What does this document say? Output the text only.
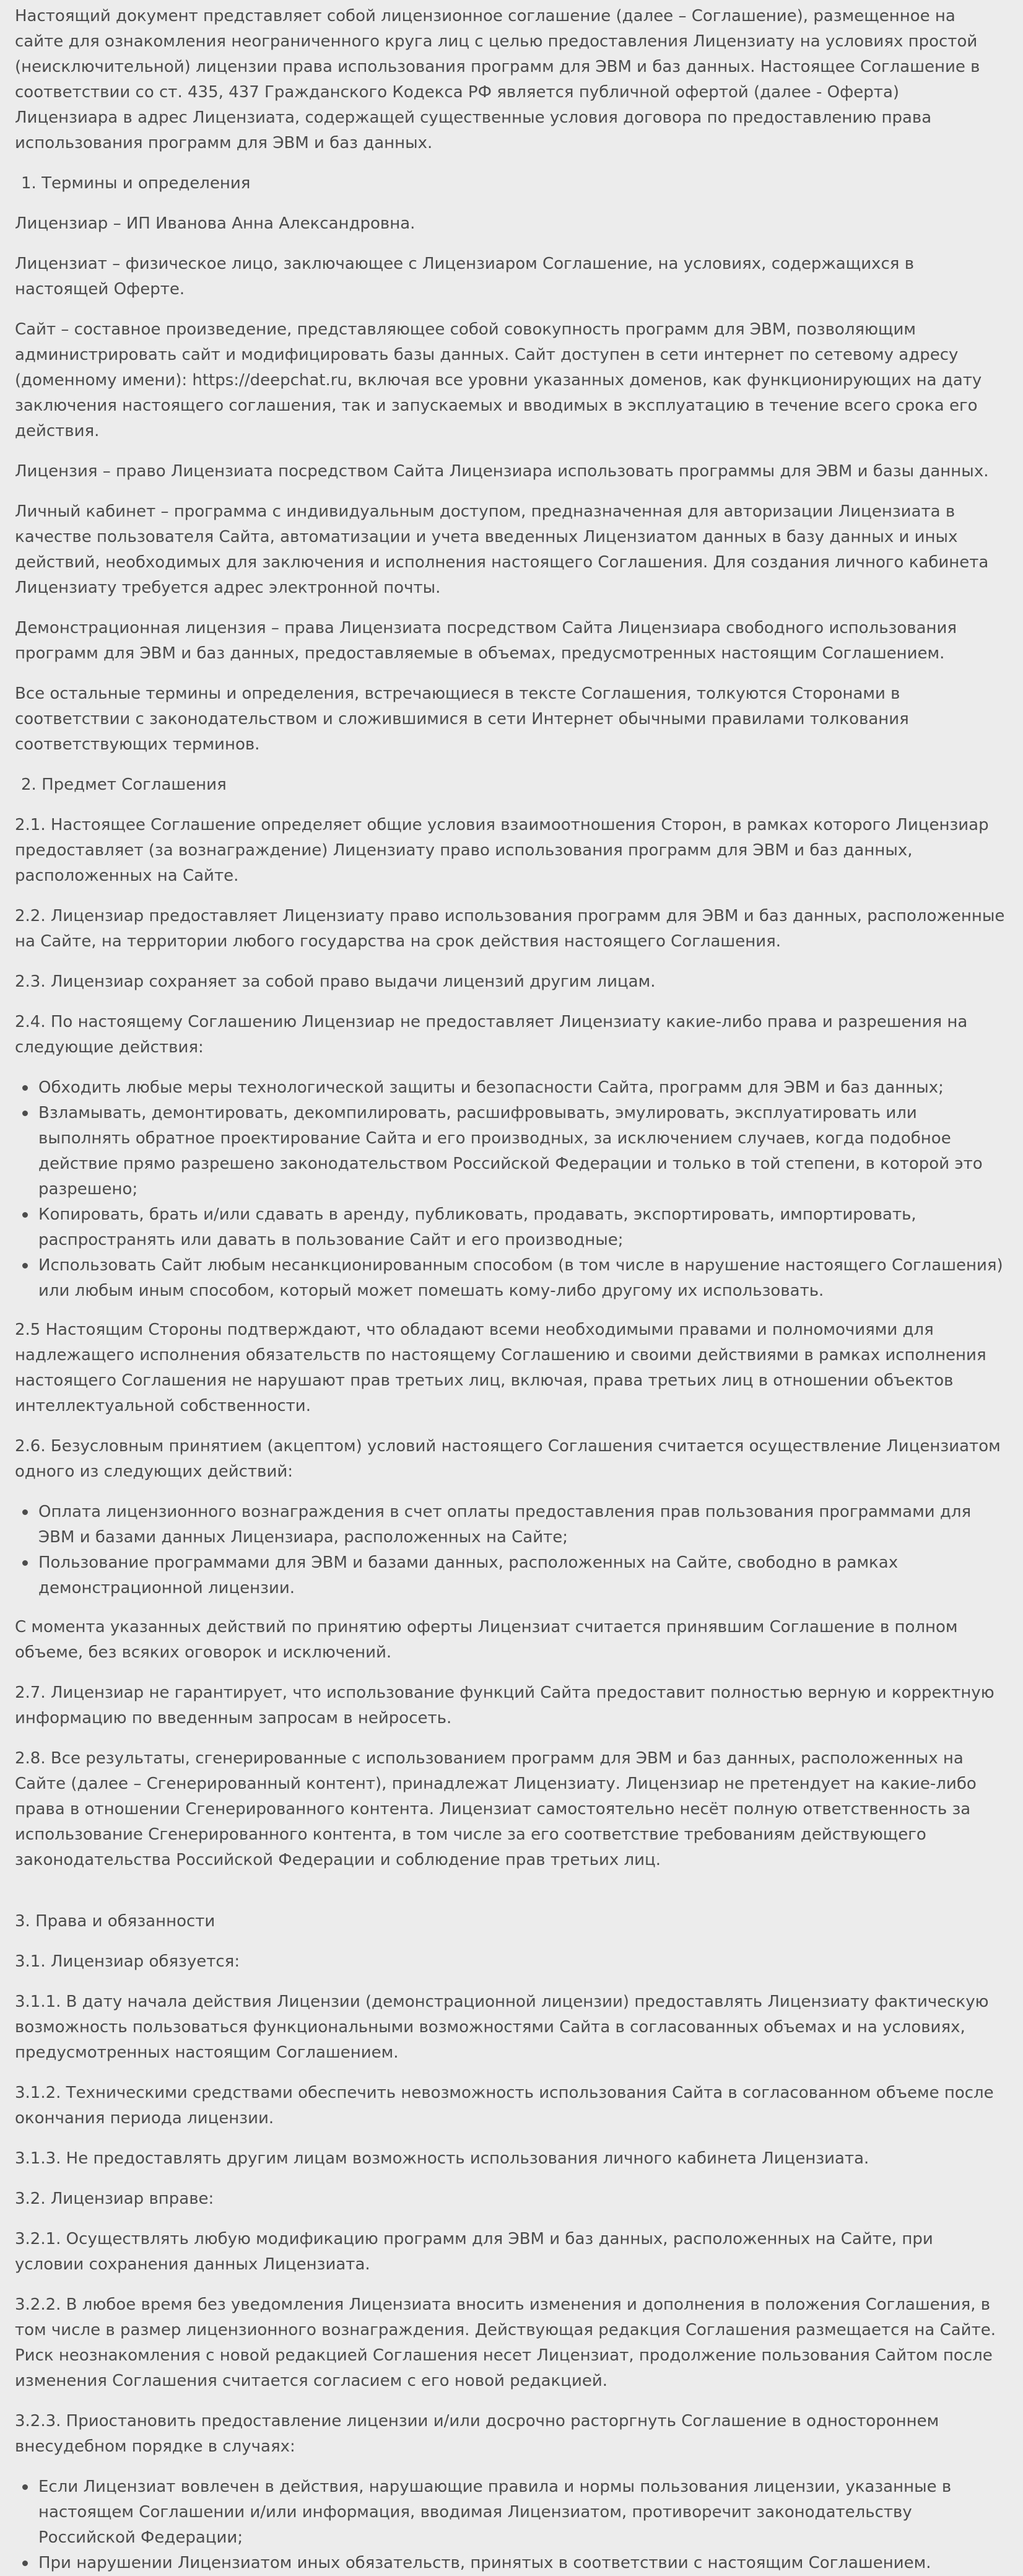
Настоящий документ представляет собой лицензионное соглашение (далее – Соглашение), размещенное на сайте для ознакомления неограниченного круга лиц с целью предоставления Лицензиату на условиях простой (неисключительной) лицензии права использования программ для ЭВМ и баз данных. Настоящее Соглашение в соответствии со ст. 435, 437 Гражданского Кодекса РФ является публичной офертой (далее - Оферта) Лицензиара в адрес Лицензиата, содержащей существенные условия договора по предоставлению права использования программ для ЭВМ и баз данных.

1. Термины и определения

Лицензиар – ИП Иванова Анна Александровна.

Лицензиат – физическое лицо, заключающее с Лицензиаром Соглашение, на условиях, содержащихся в настоящей Оферте.

Сайт – составное произведение, представляющее собой совокупность программ для ЭВМ, позволяющим администрировать сайт и модифицировать базы данных. Сайт доступен в сети интернет по сетевому адресу (доменному имени): https://deepchat.ru, включая все уровни указанных доменов, как функционирующих на дату заключения настоящего соглашения, так и запускаемых и вводимых в эксплуатацию в течение всего срока его действия.

Лицензия – право Лицензиата посредством Сайта Лицензиара использовать программы для ЭВМ и базы данных.

Личный кабинет – программа с индивидуальным доступом, предназначенная для авторизации Лицензиата в качестве пользователя Сайта, автоматизации и учета введенных Лицензиатом данных в базу данных и иных действий, необходимых для заключения и исполнения настоящего Соглашения. Для создания личного кабинета Лицензиату требуется адрес электронной почты.

Демонстрационная лицензия – права Лицензиата посредством Сайта Лицензиара свободного использования программ для ЭВМ и баз данных, предоставляемые в объемах, предусмотренных настоящим Соглашением.

Все остальные термины и определения, встречающиеся в тексте Соглашения, толкуются Сторонами в соответствии с законодательством и сложившимися в сети Интернет обычными правилами толкования соответствующих терминов.

2. Предмет Соглашения

2.1. Настоящее Соглашение определяет общие условия взаимоотношения Сторон, в рамках которого Лицензиар предоставляет (за вознаграждение) Лицензиату право использования программ для ЭВМ и баз данных, расположенных на Сайте.

2.2. Лицензиар предоставляет Лицензиату право использования программ для ЭВМ и баз данных, расположенные на Сайте, на территории любого государства на срок действия настоящего Соглашения.

2.3. Лицензиар сохраняет за собой право выдачи лицензий другим лицам.

2.4. По настоящему Соглашению Лицензиар не предоставляет Лицензиату какие-либо права и разрешения на следующие действия:

Обходить любые меры технологической защиты и безопасности Сайта, программ для ЭВМ и баз данных;
Взламывать, демонтировать, декомпилировать, расшифровывать, эмулировать, эксплуатировать или выполнять обратное проектирование Сайта и его производных, за исключением случаев, когда подобное действие прямо разрешено законодательством Российской Федерации и только в той степени, в которой это разрешено;
Копировать, брать и/или сдавать в аренду, публиковать, продавать, экспортировать, импортировать, распространять или давать в пользование Сайт и его производные;
Использовать Сайт любым несанкционированным способом (в том числе в нарушение настоящего Соглашения) или любым иным способом, который может помешать кому-либо другому их использовать.

2.5 Настоящим Стороны подтверждают, что обладают всеми необходимыми правами и полномочиями для надлежащего исполнения обязательств по настоящему Соглашению и своими действиями в рамках исполнения настоящего Соглашения не нарушают прав третьих лиц, включая, права третьих лиц в отношении объектов интеллектуальной собственности.

2.6. Безусловным принятием (акцептом) условий настоящего Соглашения считается осуществление Лицензиатом одного из следующих действий:

Оплата лицензионного вознаграждения в счет оплаты предоставления прав пользования программами для ЭВМ и базами данных Лицензиара, расположенных на Сайте;
Пользование программами для ЭВМ и базами данных, расположенных на Сайте, свободно в рамках демонстрационной лицензии.

С момента указанных действий по принятию оферты Лицензиат считается принявшим Соглашение в полном объеме, без всяких оговорок и исключений.

2.7. Лицензиар не гарантирует, что использование функций Сайта предоставит полностью верную и корректную информацию по введенным запросам в нейросеть.

2.8. Все результаты, сгенерированные с использованием программ для ЭВМ и баз данных, расположенных на Сайте (далее – Сгенерированный контент), принадлежат Лицензиату. Лицензиар не претендует на какие-либо права в отношении Сгенерированного контента. Лицензиат самостоятельно несёт полную ответственность за использование Сгенерированного контента, в том числе за его соответствие требованиям действующего законодательства Российской Федерации и соблюдение прав третьих лиц.

3. Права и обязанности

3.1. Лицензиар обязуется:

3.1.1. В дату начала действия Лицензии (демонстрационной лицензии) предоставлять Лицензиату фактическую возможность пользоваться функциональными возможностями Сайта в согласованных объемах и на условиях, предусмотренных настоящим Соглашением.

3.1.2. Техническими средствами обеспечить невозможность использования Сайта в согласованном объеме после окончания периода лицензии.

3.1.3. Не предоставлять другим лицам возможность использования личного кабинета Лицензиата.

3.2. Лицензиар вправе:

3.2.1. Осуществлять любую модификацию программ для ЭВМ и баз данных, расположенных на Сайте, при условии сохранения данных Лицензиата.

3.2.2. В любое время без уведомления Лицензиата вносить изменения и дополнения в положения Соглашения, в том числе в размер лицензионного вознаграждения. Действующая редакция Соглашения размещается на Сайте. Риск неознакомления с новой редакцией Соглашения несет Лицензиат, продолжение пользования Сайтом после изменения Соглашения считается согласием с его новой редакцией.

3.2.3. Приостановить предоставление лицензии и/или досрочно расторгнуть Соглашение в одностороннем внесудебном порядке в случаях:

Если Лицензиат вовлечен в действия, нарушающие правила и нормы пользования лицензии, указанные в настоящем Соглашении и/или информация, вводимая Лицензиатом, противоречит законодательству Российской Федерации;
При нарушении Лицензиатом иных обязательств, принятых в соответствии с настоящим Соглашением.
